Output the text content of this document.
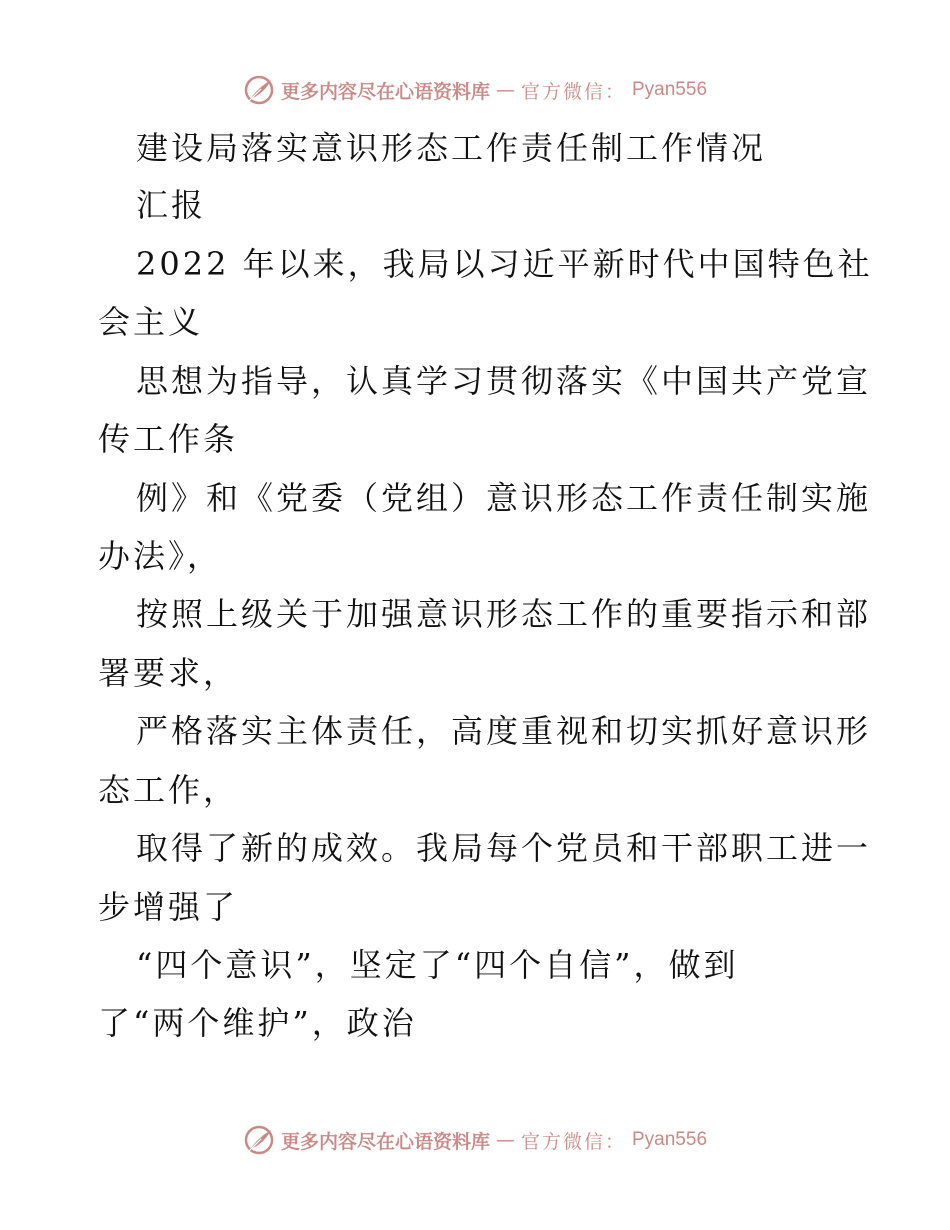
更多内容尽在心语资料库 — 官方微信： Pyan556
建设局落实意识形态工作责任制工作情况
汇报
2022 年以来，我局以习近平新时代中国特色社
会主义
思想为指导，认真学习贯彻落实《中国共产党宣
传工作条
例》和《党委（党组）意识形态工作责任制实施
办法》，
按照上级关于加强意识形态工作的重要指示和部
署要求，
严格落实主体责任，高度重视和切实抓好意识形
态工作，
取得了新的成效。我局每个党员和干部职工进一
步增强了
“四个意识”，坚定了“四个自信”，做到
了“两个维护”，政治
更多内容尽在心语资料库 — 官方微信： Pyan556
